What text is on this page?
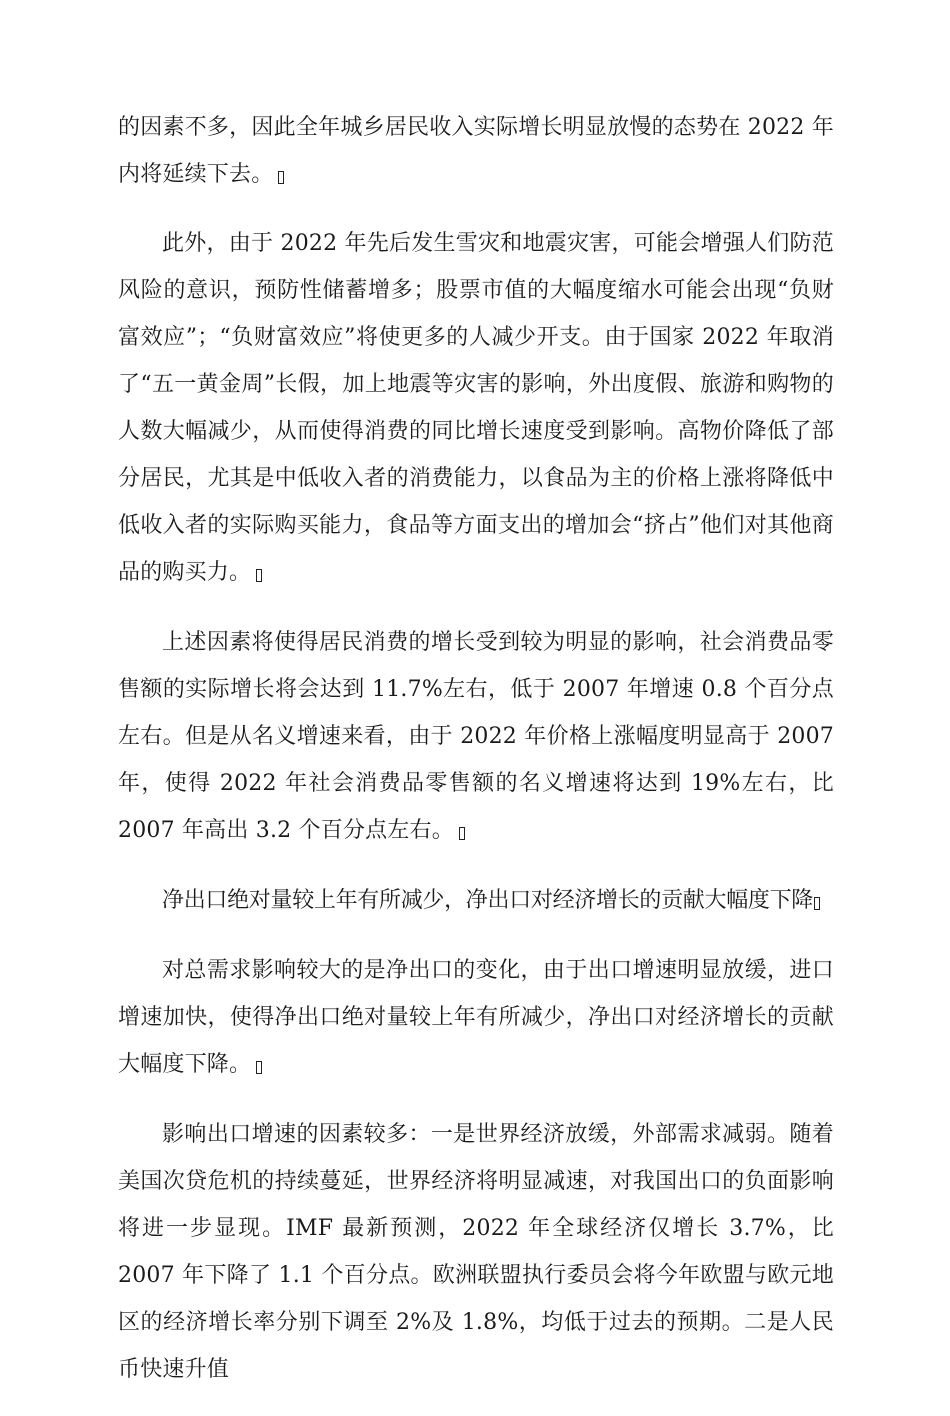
的因素不多，因此全年城乡居民收入实际增长明显放慢的态势在 2022 年内将延续下去。

此外，由于 2022 年先后发生雪灾和地震灾害，可能会增强人们防范风险的意识，预防性储蓄增多；股票市值的大幅度缩水可能会出现“负财富效应”；“负财富效应”将使更多的人减少开支。由于国家 2022 年取消了“五一黄金周”长假，加上地震等灾害的影响，外出度假、旅游和购物的人数大幅减少，从而使得消费的同比增长速度受到影响。高物价降低了部分居民，尤其是中低收入者的消费能力，以食品为主的价格上涨将降低中低收入者的实际购买能力，食品等方面支出的增加会“挤占”他们对其他商品的购买力。

上述因素将使得居民消费的增长受到较为明显的影响，社会消费品零售额的实际增长将会达到 11.7%左右，低于 2007 年增速 0.8 个百分点左右。但是从名义增速来看，由于 2022 年价格上涨幅度明显高于 2007 年，使得 2022 年社会消费品零售额的名义增速将达到 19%左右，比 2007 年高出 3.2 个百分点左右。

净出口绝对量较上年有所减少，净出口对经济增长的贡献大幅度下降

对总需求影响较大的是净出口的变化，由于出口增速明显放缓，进口增速加快，使得净出口绝对量较上年有所减少，净出口对经济增长的贡献大幅度下降。

影响出口增速的因素较多：一是世界经济放缓，外部需求减弱。随着美国次贷危机的持续蔓延，世界经济将明显减速，对我国出口的负面影响将进一步显现。IMF 最新预测，2022 年全球经济仅增长 3.7%，比 2007 年下降了 1.1 个百分点。欧洲联盟执行委员会将今年欧盟与欧元地区的经济增长率分别下调至 2%及 1.8%，均低于过去的预期。二是人民币快速升值
